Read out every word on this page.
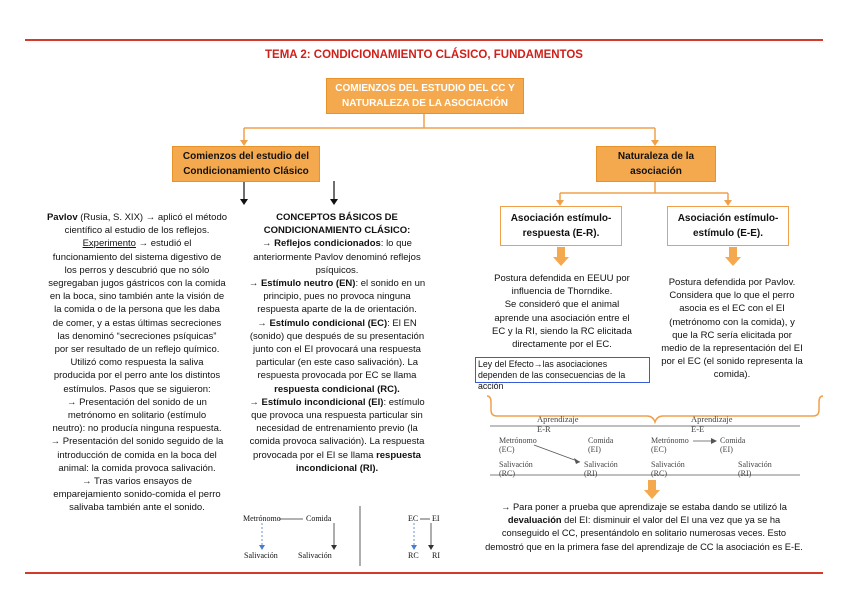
TEMA 2: CONDICIONAMIENTO CLÁSICO, FUNDAMENTOS
COMIENZOS DEL ESTUDIO DEL CC Y
NATURALEZA DE LA ASOCIACIÓN
Comienzos del estudio del
Condicionamiento Clásico
Naturaleza de la
asociación
Asociación estímulo-
respuesta (E-R).
Asociación estímulo-
estímulo (E-E).

Pavlov (Rusia, S. XIX) → aplicó el método

científico al estudio de los reflejos.

Experimento → estudió el

funcionamiento del sistema digestivo de

los perros y descubrió que no sólo

segregaban jugos gástricos con la comida

en la boca, sino también ante la visión de

la comida o de la persona que les daba

de comer, y a estas últimas secreciones

las denominó “secreciones psíquicas”

por ser resultado de un reflejo químico.

Utilizó como respuesta la saliva

producida por el perro ante los distintos

estímulos. Pasos que se siguieron:

→ Presentación del sonido de un

metrónomo en solitario (estímulo

neutro): no producía ninguna respuesta.

→ Presentación del sonido seguido de la

introducción de comida en la boca del

animal: la comida provoca salivación.

→ Tras varios ensayos de

emparejamiento sonido-comida el perro

salivaba también ante el sonido.

CONCEPTOS BÁSICOS DE

CONDICIONAMIENTO CLÁSICO:

→ Reflejos condicionados: lo que

anteriormente Pavlov denominó reflejos

psíquicos.

→ Estímulo neutro (EN): el sonido en un

principio, pues no provoca ninguna

respuesta aparte de la de orientación.

→ Estímulo condicional (EC): El EN

(sonido) que después de su presentación

junto con el EI provocará una respuesta

particular (en este caso salivación). La

respuesta provocada por EC se llama

respuesta condicional (RC).

→ Estímulo incondicional (EI): estímulo

que provoca una respuesta particular sin

necesidad de entrenamiento previo (la

comida provoca salivación). La respuesta

provocada por el EI se llama respuesta

incondicional (RI).

Metrónomo	Comida
Salivación	Salivación
EC EI
RC RI

Postura defendida en EEUU por

influencia de Thorndike.

Se consideró que el animal

aprende una asociación entre el

EC y la RI, siendo la RC elicitada

directamente por el EC.

Ley del Efecto→las asociaciones dependen de las consecuencias de la acción

Postura defendida por Pavlov.

Considera que lo que el perro

asocia es el EC con el EI

(metrónomo con la comida), y

que la RC sería elicitada por

medio de la representación del EI

por el EC (el sonido representa la

comida).

Aprendizaje E-R
Aprendizaje E-E
Metrónomo (EC)
Comida (EI)
Salivación (RC)
Salivación (RI)
Metrónomo (EC)
Comida (EI)
Salivación (RC)
Salivación (RI)

→ Para poner a prueba que aprendizaje se estaba dando se utilizó la

devaluación del EI: disminuir el valor del EI una vez que ya se ha

conseguido el CC, presentándolo en solitario numerosas veces. Esto

demostró que en la primera fase del aprendizaje de CC la asociación es E-E.
